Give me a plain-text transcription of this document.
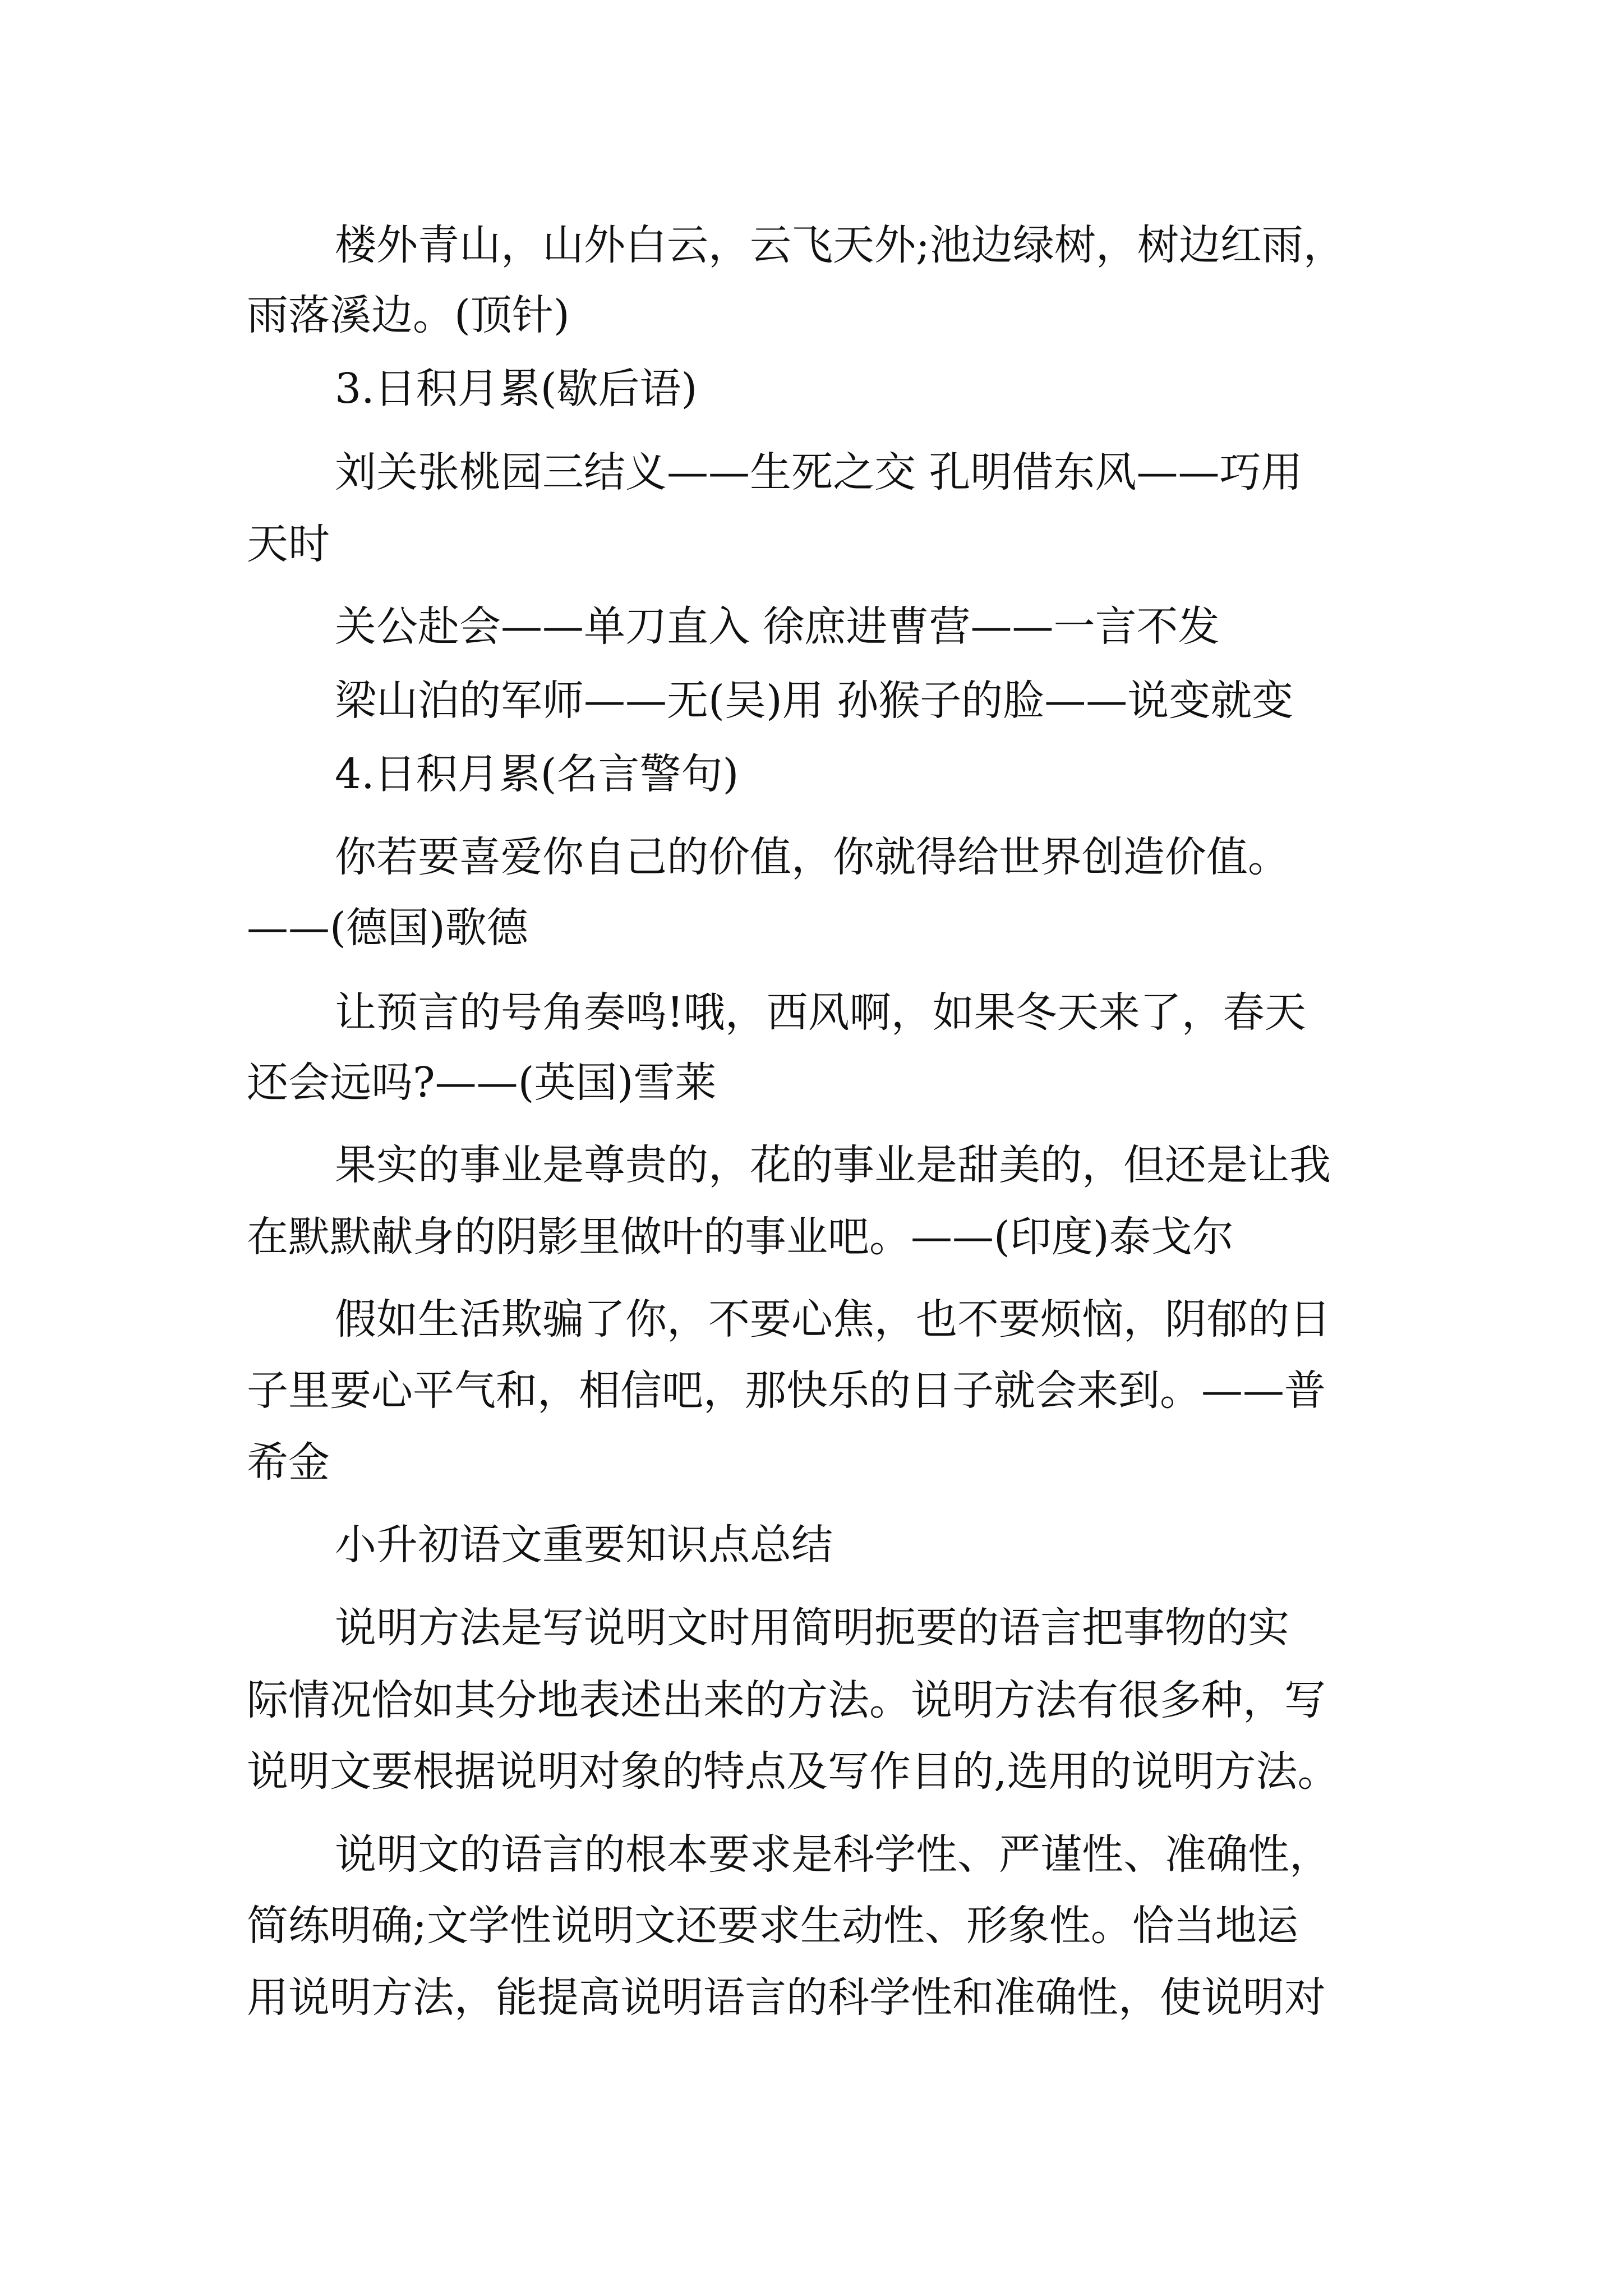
楼外青山，山外白云，云飞天外;池边绿树，树边红雨，
雨落溪边。(顶针)
3.日积月累(歇后语)
刘关张桃园三结义——生死之交 孔明借东风——巧用
天时
关公赴会——单刀直入 徐庶进曹营——一言不发
梁山泊的军师——无(吴)用 孙猴子的脸——说变就变
4.日积月累(名言警句)
你若要喜爱你自己的价值，你就得给世界创造价值。
——(德国)歌德
让预言的号角奏鸣!哦，西风啊，如果冬天来了，春天
还会远吗?——(英国)雪莱
果实的事业是尊贵的，花的事业是甜美的，但还是让我
在默默献身的阴影里做叶的事业吧。——(印度)泰戈尔
假如生活欺骗了你，不要心焦，也不要烦恼，阴郁的日
子里要心平气和，相信吧，那快乐的日子就会来到。——普
希金
小升初语文重要知识点总结
说明方法是写说明文时用简明扼要的语言把事物的实
际情况恰如其分地表述出来的方法。说明方法有很多种，写
说明文要根据说明对象的特点及写作目的,选用的说明方法。
说明文的语言的根本要求是科学性、严谨性、准确性，
简练明确;文学性说明文还要求生动性、形象性。恰当地运
用说明方法，能提高说明语言的科学性和准确性，使说明对
